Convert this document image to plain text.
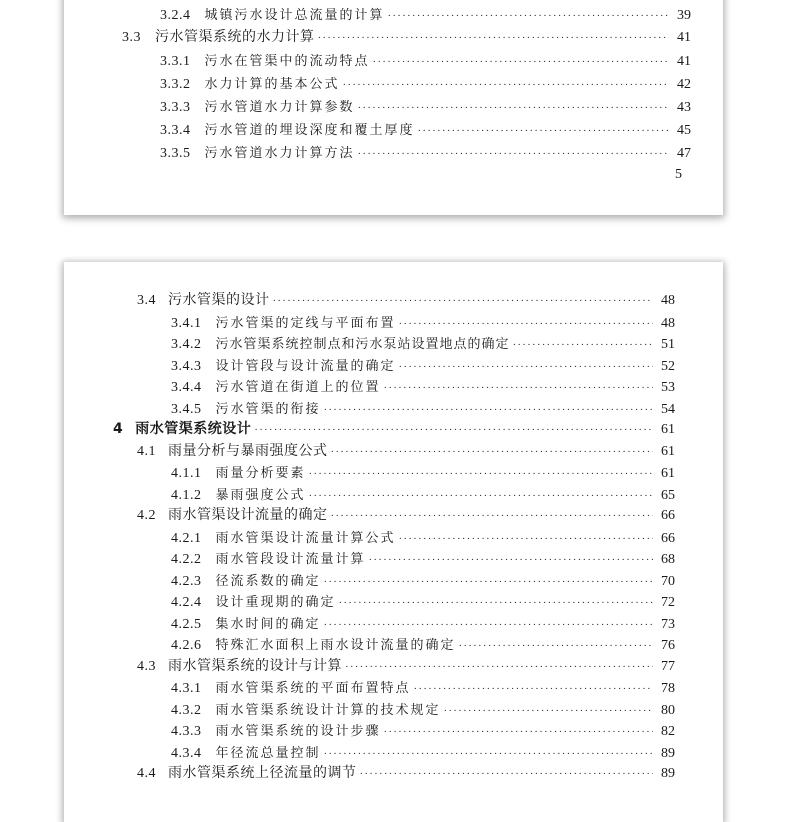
3.2.4 城镇污水设计总流量的计算 ·····	39
3.3 污水管渠系统的水力计算 ·····	41
3.3.1 污水在管渠中的流动特点 ·····	41
3.3.2 水力计算的基本公式 ·····	42
3.3.3 污水管道水力计算参数 ·····	43
3.3.4 污水管道的埋设深度和覆土厚度 ·····	45
3.3.5 污水管道水力计算方法 ·····	47
5
3.4 污水管渠的设计 ·····	48
3.4.1 污水管渠的定线与平面布置 ·····	48
3.4.2 污水管渠系统控制点和污水泵站设置地点的确定 ·····	51
3.4.3 设计管段与设计流量的确定 ·····	52
3.4.4 污水管道在街道上的位置 ·····	53
3.4.5 污水管渠的衔接 ·····	54
4 雨水管渠系统设计 ·····	61
4.1 雨量分析与暴雨强度公式 ·····	61
4.1.1 雨量分析要素 ·····	61
4.1.2 暴雨强度公式 ·····	65
4.2 雨水管渠设计流量的确定 ·····	66
4.2.1 雨水管渠设计流量计算公式 ·····	66
4.2.2 雨水管段设计流量计算 ·····	68
4.2.3 径流系数的确定 ·····	70
4.2.4 设计重现期的确定 ·····	72
4.2.5 集水时间的确定 ·····	73
4.2.6 特殊汇水面积上雨水设计流量的确定 ·····	76
4.3 雨水管渠系统的设计与计算 ·····	77
4.3.1 雨水管渠系统的平面布置特点 ·····	78
4.3.2 雨水管渠系统设计计算的技术规定 ·····	80
4.3.3 雨水管渠系统的设计步骤 ·····	82
4.3.4 年径流总量控制 ·····	89
4.4 雨水管渠系统上径流量的调节 ·····	89
